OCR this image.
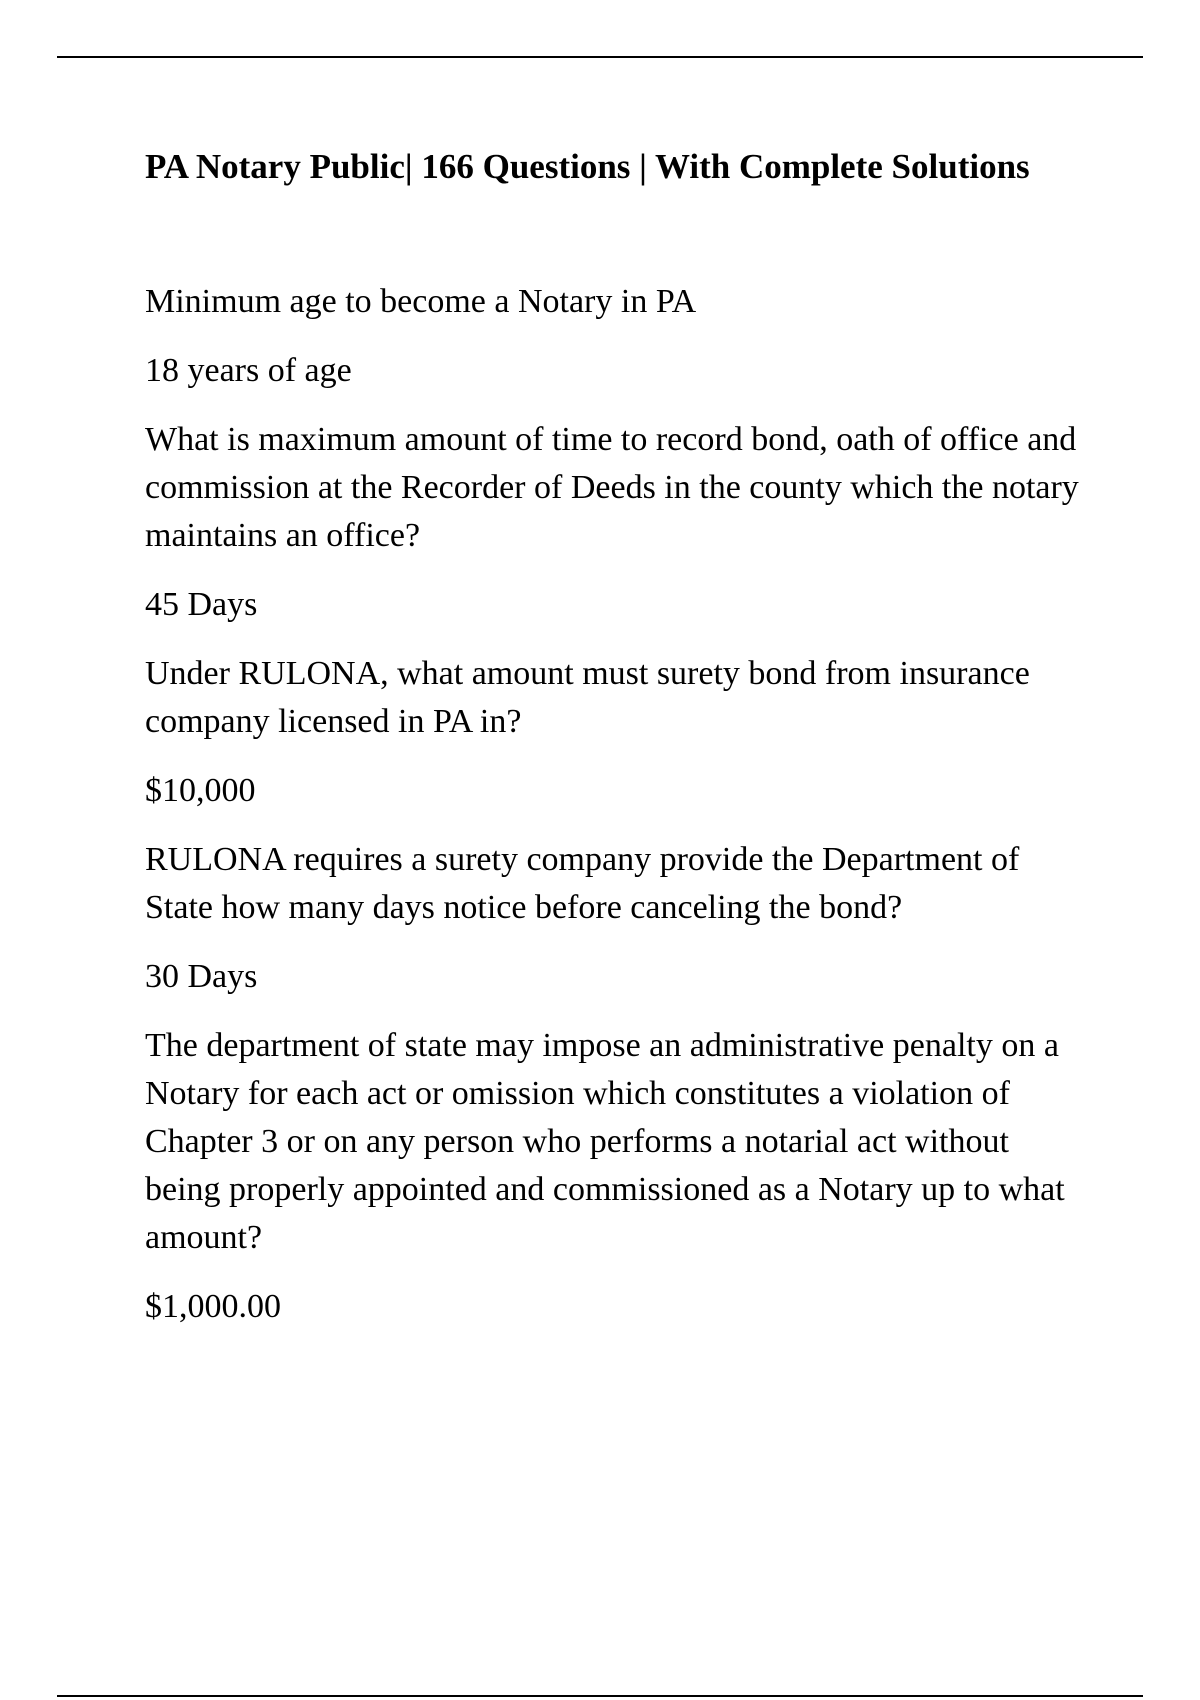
PA Notary Public| 166 Questions | With Complete Solutions

Minimum age to become a Notary in PA

18 years of age

What is maximum amount of time to record bond, oath of office and commission at the Recorder of Deeds in the county which the notary maintains an office?

45 Days

Under RULONA, what amount must surety bond from insurance company licensed in PA in?

$10,000

RULONA requires a surety company provide the Department of State how many days notice before canceling the bond?

30 Days

The department of state may impose an administrative penalty on a Notary for each act or omission which constitutes a violation of Chapter 3 or on any person who performs a notarial act without being properly appointed and commissioned as a Notary up to what amount?

$1,000.00
